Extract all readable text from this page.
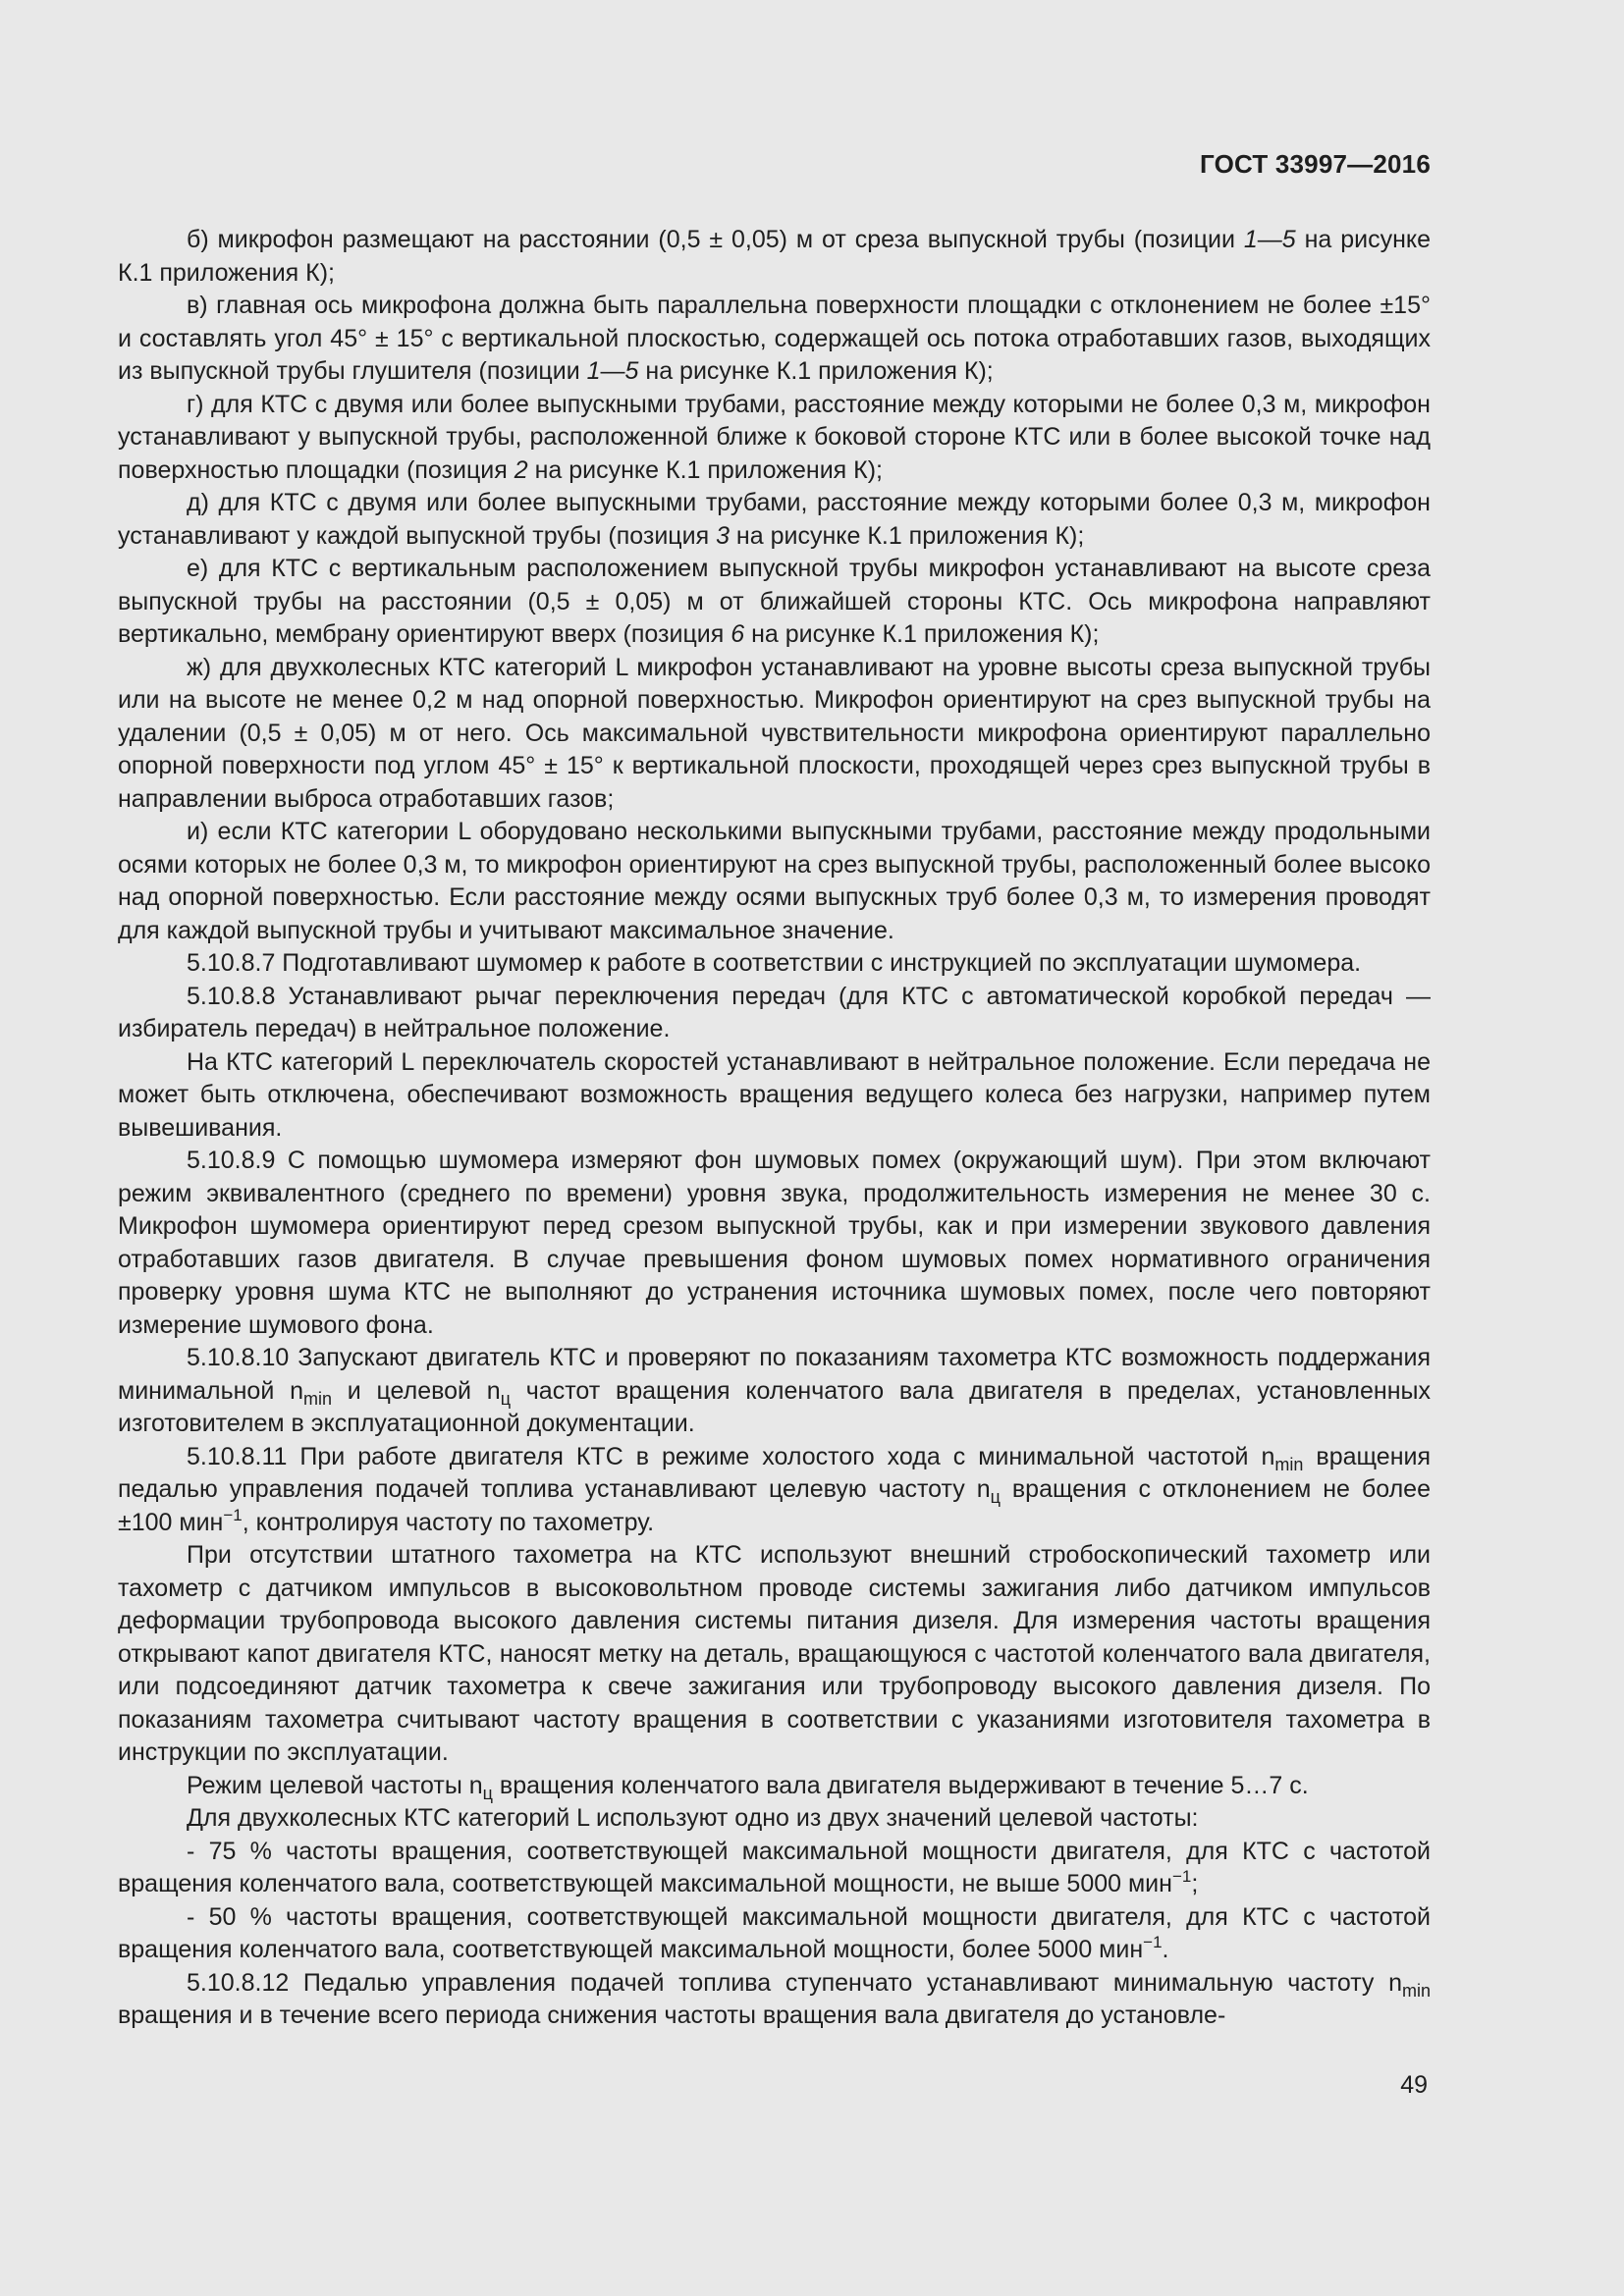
ГОСТ 33997—2016

б) микрофон размещают на расстоянии (0,5 ± 0,05) м от среза выпускной трубы (позиции 1—5 на рисунке К.1 приложения К);

в) главная ось микрофона должна быть параллельна поверхности площадки с отклонением не более ±15° и составлять угол 45° ± 15° с вертикальной плоскостью, содержащей ось потока отработавших газов, выходящих из выпускной трубы глушителя (позиции 1—5 на рисунке К.1 приложения К);

г) для КТС с двумя или более выпускными трубами, расстояние между которыми не более 0,3 м, микрофон устанавливают у выпускной трубы, расположенной ближе к боковой стороне КТС или в более высокой точке над поверхностью площадки (позиция 2 на рисунке К.1 приложения К);

д) для КТС с двумя или более выпускными трубами, расстояние между которыми более 0,3 м, микрофон устанавливают у каждой выпускной трубы (позиция 3 на рисунке К.1 приложения К);

е) для КТС с вертикальным расположением выпускной трубы микрофон устанавливают на высоте среза выпускной трубы на расстоянии (0,5 ± 0,05) м от ближайшей стороны КТС. Ось микрофона направляют вертикально, мембрану ориентируют вверх (позиция 6 на рисунке К.1 приложения К);

ж) для двухколесных КТС категорий L микрофон устанавливают на уровне высоты среза выпускной трубы или на высоте не менее 0,2 м над опорной поверхностью. Микрофон ориентируют на срез выпускной трубы на удалении (0,5 ± 0,05) м от него. Ось максимальной чувствительности микрофона ориентируют параллельно опорной поверхности под углом 45° ± 15° к вертикальной плоскости, проходящей через срез выпускной трубы в направлении выброса отработавших газов;

и) если КТС категории L оборудовано несколькими выпускными трубами, расстояние между продольными осями которых не более 0,3 м, то микрофон ориентируют на срез выпускной трубы, расположенный более высоко над опорной поверхностью. Если расстояние между осями выпускных труб более 0,3 м, то измерения проводят для каждой выпускной трубы и учитывают максимальное значение.

5.10.8.7 Подготавливают шумомер к работе в соответствии с инструкцией по эксплуатации шумомера.

5.10.8.8 Устанавливают рычаг переключения передач (для КТС с автоматической коробкой передач — избиратель передач) в нейтральное положение.

На КТС категорий L переключатель скоростей устанавливают в нейтральное положение. Если передача не может быть отключена, обеспечивают возможность вращения ведущего колеса без нагрузки, например путем вывешивания.

5.10.8.9 С помощью шумомера измеряют фон шумовых помех (окружающий шум). При этом включают режим эквивалентного (среднего по времени) уровня звука, продолжительность измерения не менее 30 с. Микрофон шумомера ориентируют перед срезом выпускной трубы, как и при измерении звукового давления отработавших газов двигателя. В случае превышения фоном шумовых помех нормативного ограничения проверку уровня шума КТС не выполняют до устранения источника шумовых помех, после чего повторяют измерение шумового фона.

5.10.8.10 Запускают двигатель КТС и проверяют по показаниям тахометра КТС возможность поддержания минимальной $n_{min}$ и целевой $n_ц$ частот вращения коленчатого вала двигателя в пределах, установленных изготовителем в эксплуатационной документации.

5.10.8.11 При работе двигателя КТС в режиме холостого хода с минимальной частотой $n_{min}$ вращения педалью управления подачей топлива устанавливают целевую частоту $n_ц$ вращения с отклонением не более ±100 мин$^{-1}$, контролируя частоту по тахометру.

При отсутствии штатного тахометра на КТС используют внешний стробоскопический тахометр или тахометр с датчиком импульсов в высоковольтном проводе системы зажигания либо датчиком импульсов деформации трубопровода высокого давления системы питания дизеля. Для измерения частоты вращения открывают капот двигателя КТС, наносят метку на деталь, вращающуюся с частотой коленчатого вала двигателя, или подсоединяют датчик тахометра к свече зажигания или трубопроводу высокого давления дизеля. По показаниям тахометра считывают частоту вращения в соответствии с указаниями изготовителя тахометра в инструкции по эксплуатации.

Режим целевой частоты $n_ц$ вращения коленчатого вала двигателя выдерживают в течение 5…7 с.

Для двухколесных КТС категорий L используют одно из двух значений целевой частоты:

- 75 % частоты вращения, соответствующей максимальной мощности двигателя, для КТС с частотой вращения коленчатого вала, соответствующей максимальной мощности, не выше 5000 мин$^{-1}$;

- 50 % частоты вращения, соответствующей максимальной мощности двигателя, для КТС с частотой вращения коленчатого вала, соответствующей максимальной мощности, более 5000 мин$^{-1}$.

5.10.8.12 Педалью управления подачей топлива ступенчато устанавливают минимальную частоту $n_{min}$ вращения и в течение всего периода снижения частоты вращения вала двигателя до установле-

49
